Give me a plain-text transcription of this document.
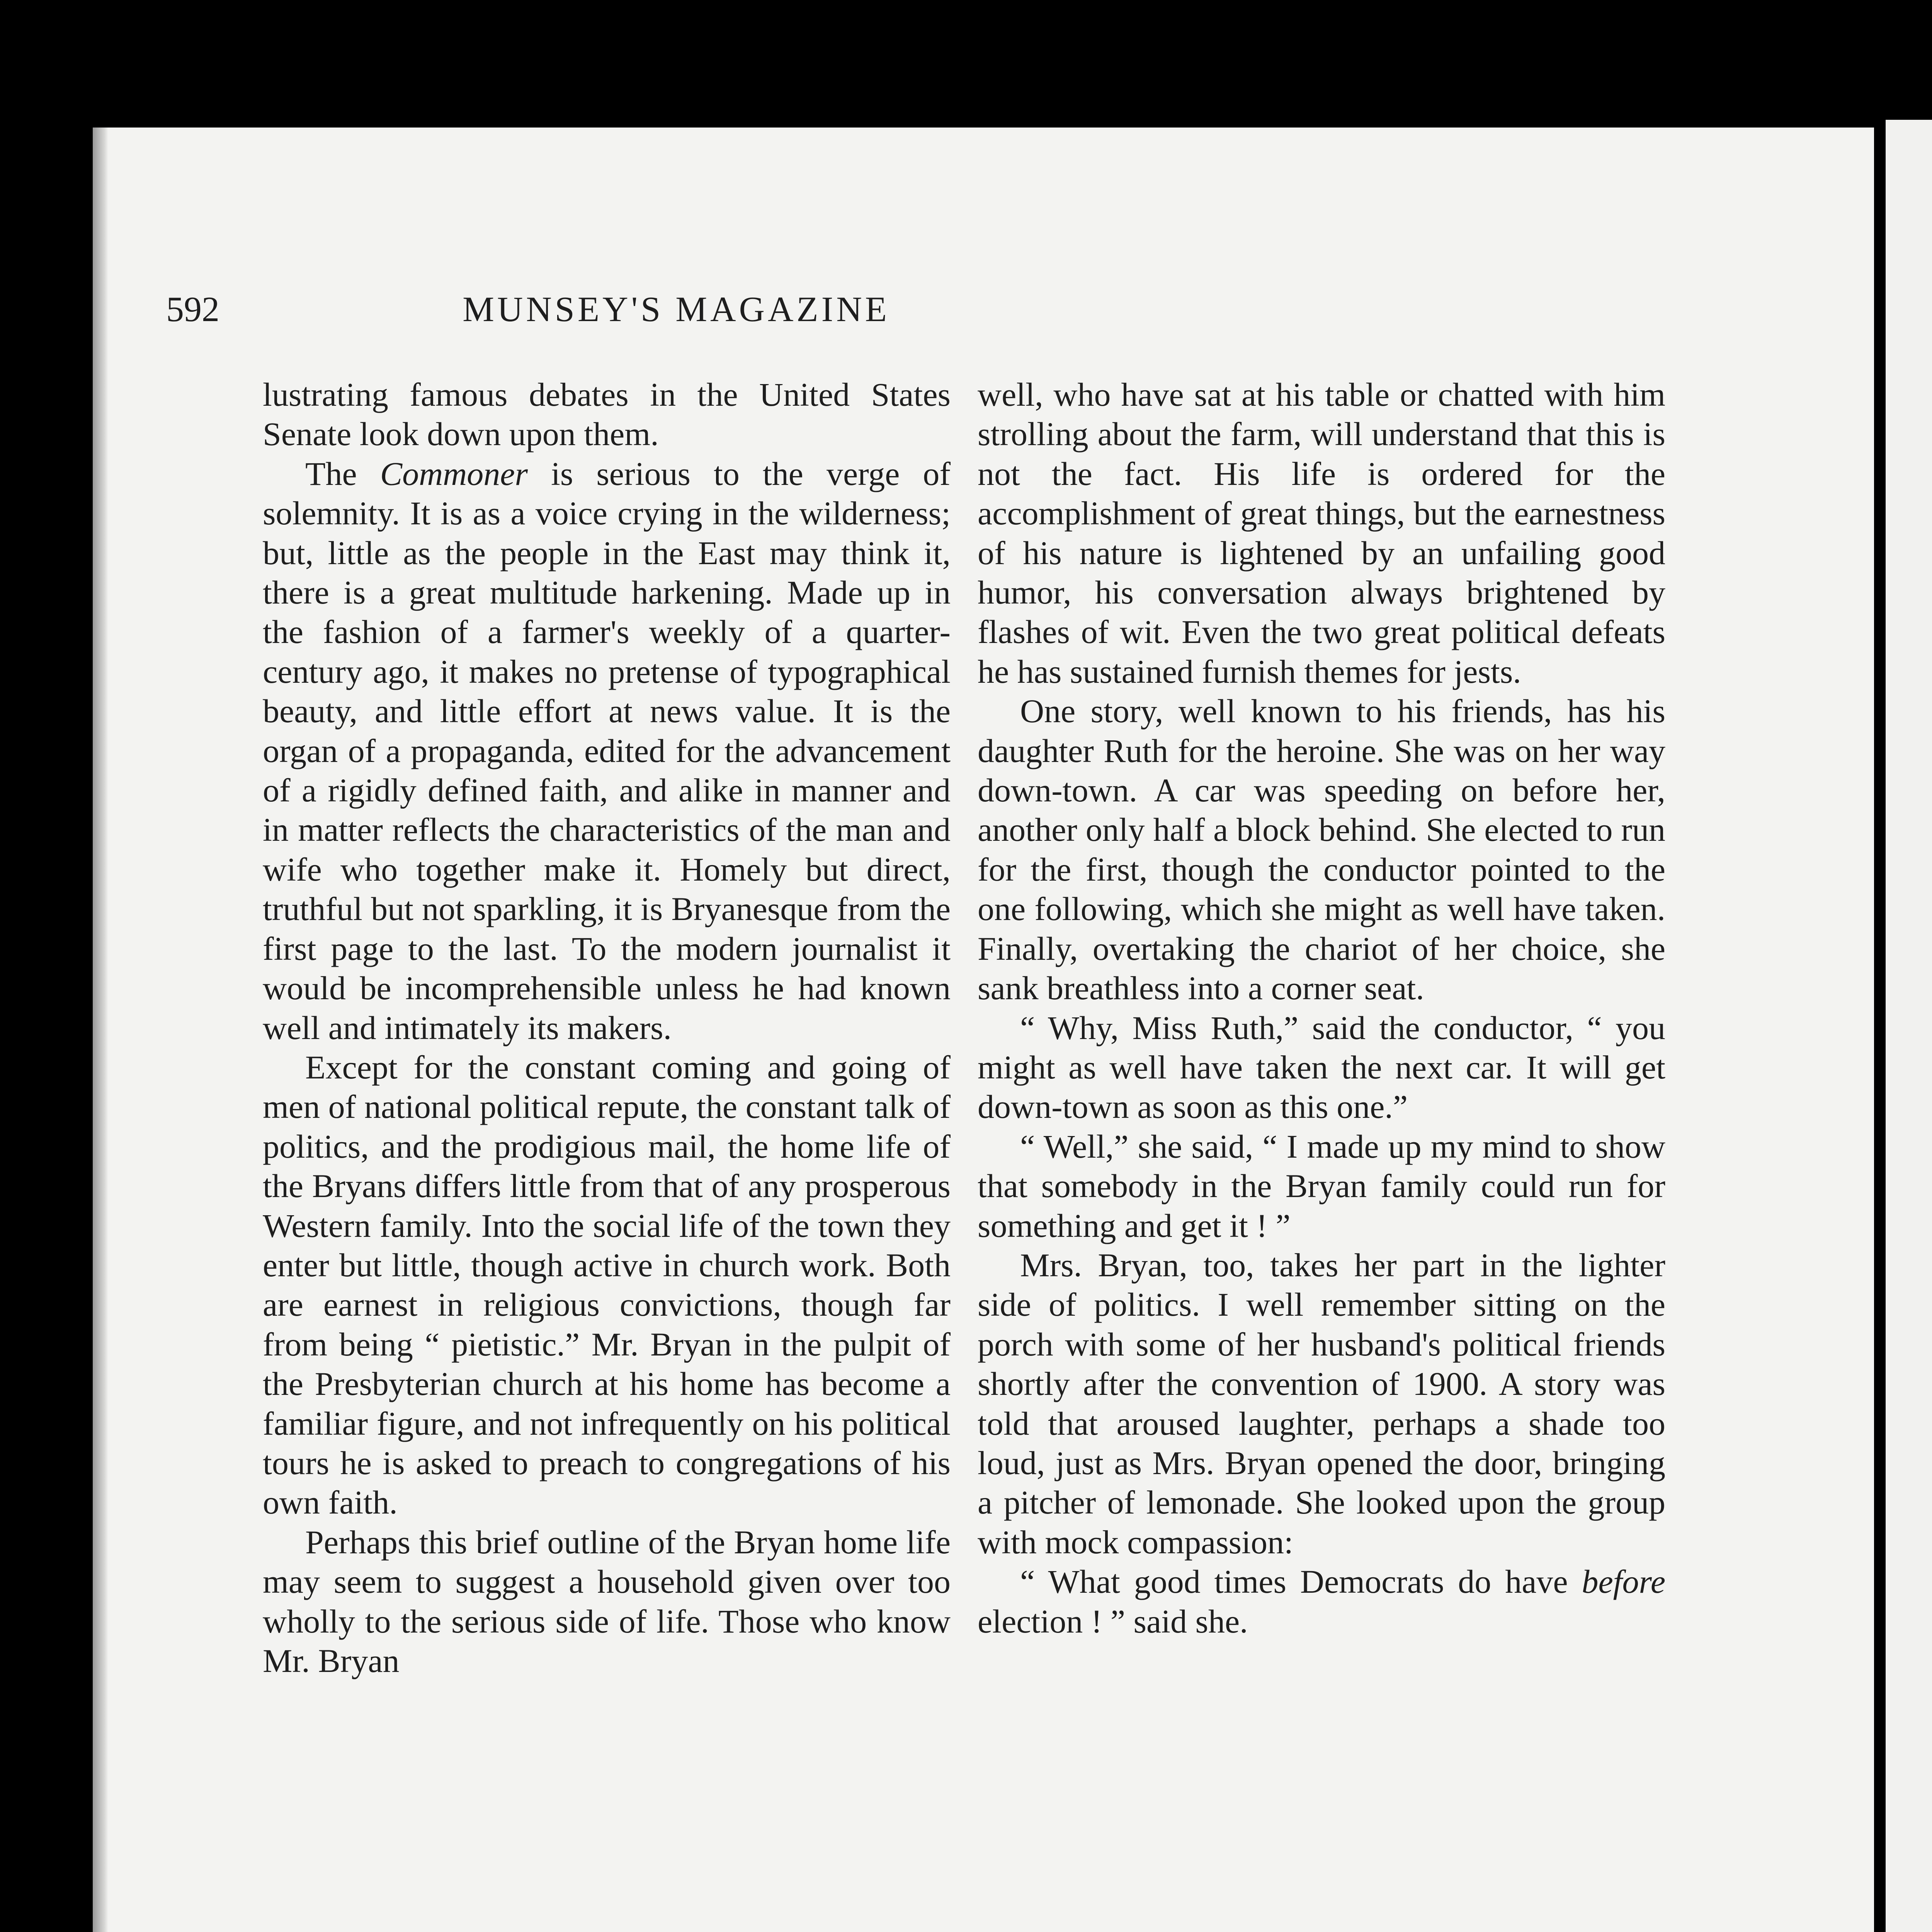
592	MUNSEY'S MAGAZINE

lustrating famous debates in the United States Senate look down upon them.

The Commoner is serious to the verge of solemnity. It is as a voice crying in the wilderness; but, little as the people in the East may think it, there is a great multitude harkening. Made up in the fashion of a farmer's weekly of a quarter-century ago, it makes no pretense of typographical beauty, and little effort at news value. It is the organ of a propaganda, edited for the advancement of a rigidly defined faith, and alike in manner and in matter reflects the characteristics of the man and wife who together make it. Homely but direct, truthful but not sparkling, it is Bryanesque from the first page to the last. To the modern journalist it would be incomprehensible unless he had known well and intimately its makers.

Except for the constant coming and going of men of national political repute, the constant talk of politics, and the prodigious mail, the home life of the Bryans differs little from that of any prosperous Western family. Into the social life of the town they enter but little, though active in church work. Both are earnest in religious convictions, though far from being “ pietistic.” Mr. Bryan in the pulpit of the Presbyterian church at his home has become a familiar figure, and not infrequently on his political tours he is asked to preach to congregations of his own faith.

Perhaps this brief outline of the Bryan home life may seem to suggest a household given over too wholly to the serious side of life. Those who know Mr. Bryan

well, who have sat at his table or chatted with him strolling about the farm, will understand that this is not the fact. His life is ordered for the accomplishment of great things, but the earnestness of his nature is lightened by an unfailing good humor, his conversation always brightened by flashes of wit. Even the two great political defeats he has sustained furnish themes for jests.

One story, well known to his friends, has his daughter Ruth for the heroine. She was on her way down-town. A car was speeding on before her, another only half a block behind. She elected to run for the first, though the conductor pointed to the one following, which she might as well have taken. Finally, overtaking the chariot of her choice, she sank breathless into a corner seat.

“ Why, Miss Ruth,” said the conductor, “ you might as well have taken the next car. It will get down-town as soon as this one.”

“ Well,” she said, “ I made up my mind to show that somebody in the Bryan family could run for something and get it ! ”

Mrs. Bryan, too, takes her part in the lighter side of politics. I well remember sitting on the porch with some of her husband's political friends shortly after the convention of 1900. A story was told that aroused laughter, perhaps a shade too loud, just as Mrs. Bryan opened the door, bringing a pitcher of lemonade. She looked upon the group with mock compassion:

“ What good times Democrats do have before election ! ” said she.
